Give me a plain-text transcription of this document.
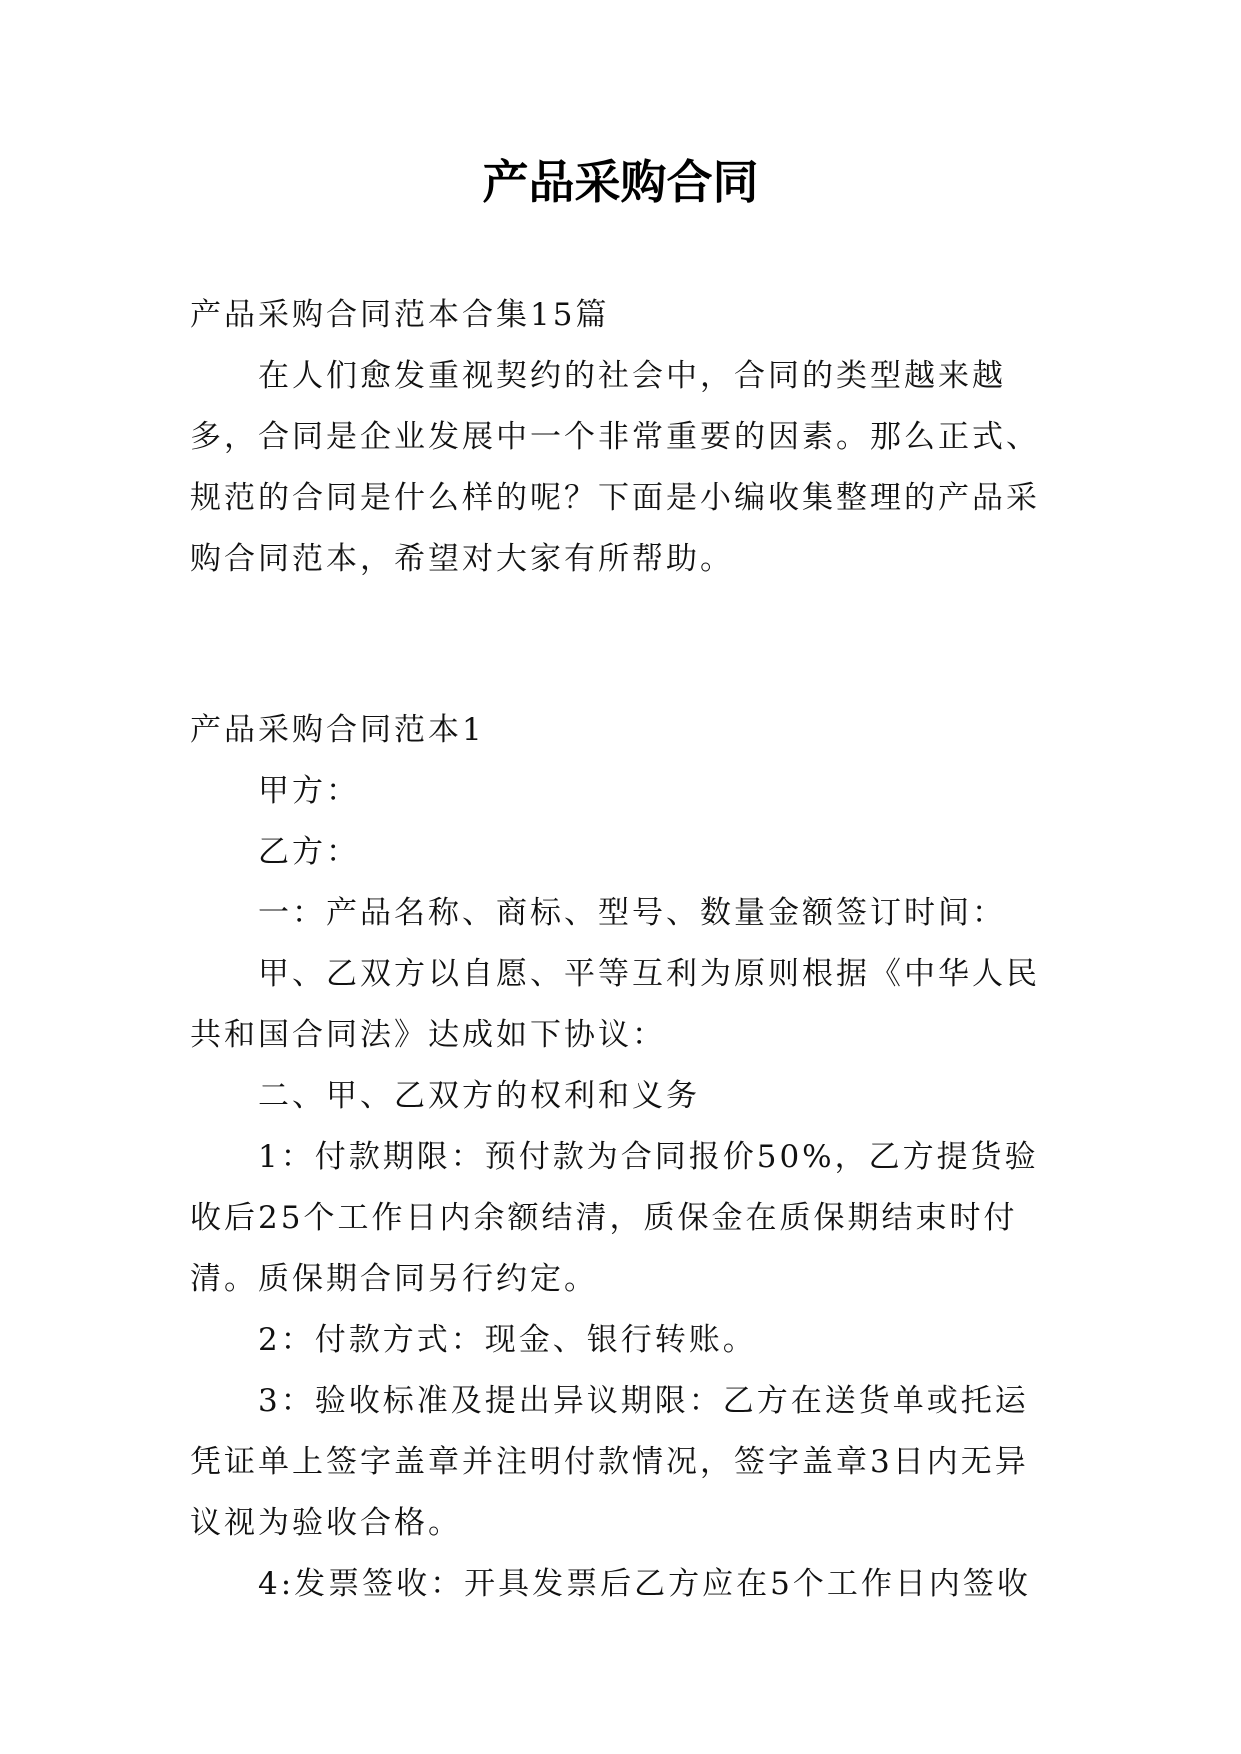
产品采购合同

产品采购合同范本合集15篇

在人们愈发重视契约的社会中，合同的类型越来越多，合同是企业发展中一个非常重要的因素。那么正式、规范的合同是什么样的呢？下面是小编收集整理的产品采购合同范本，希望对大家有所帮助。

产品采购合同范本1

甲方：

乙方：

一：产品名称、商标、型号、数量金额签订时间：

甲、乙双方以自愿、平等互利为原则根据《中华人民共和国合同法》达成如下协议：

二、甲、乙双方的权利和义务

1：付款期限：预付款为合同报价50%，乙方提货验收后25个工作日内余额结清，质保金在质保期结束时付清。质保期合同另行约定。

2：付款方式：现金、银行转账。

3：验收标准及提出异议期限：乙方在送货单或托运凭证单上签字盖章并注明付款情况，签字盖章3日内无异议视为验收合格。

4:发票签收：开具发票后乙方应在5个工作日内签收
